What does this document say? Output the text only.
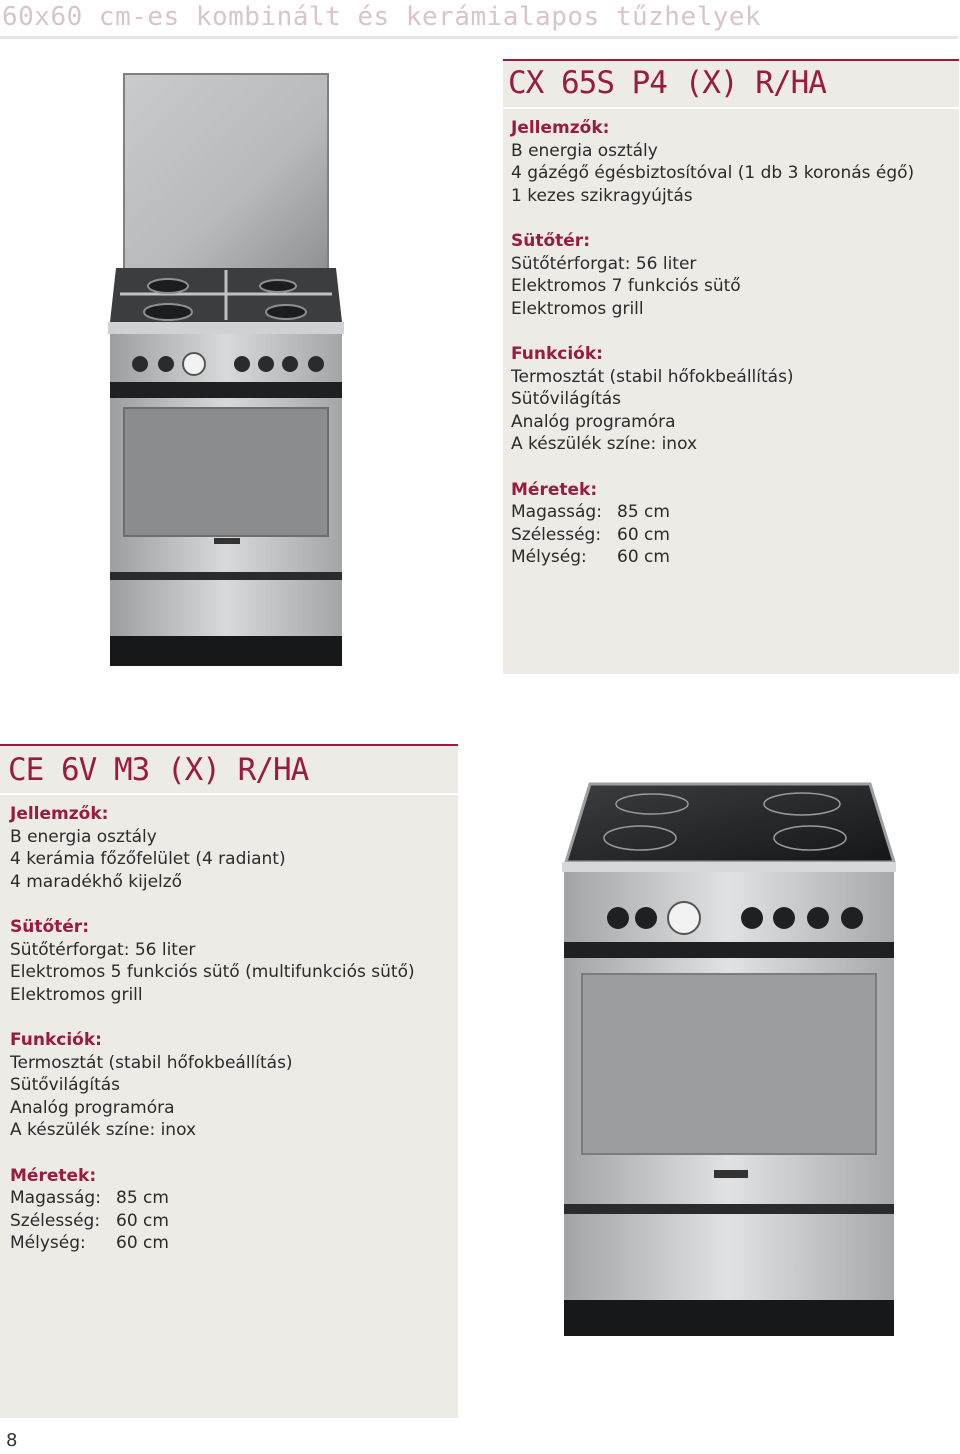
60x60 cm-es kombinált és kerámialapos tűzhelyek
CX 65S P4 (X) R/HA
Jellemzők:

B energia osztály

4 gázégő égésbiztosítóval (1 db 3 koronás égő)

1 kezes szikragyújtás

Sütőtér:

Sütőtérforgat: 56 liter

Elektromos 7 funkciós sütő

Elektromos grill

Funkciók:

Termosztát (stabil hőfokbeállítás)

Sütővilágítás

Analóg programóra

A készülék színe: inox

Méretek:
Magasság: 85 cm
Szélesség: 60 cm
Mélység:	60 cm
CE 6V M3 (X) R/HA
Jellemzők:

B energia osztály

4 kerámia főzőfelület (4 radiant)

4 maradékhő kijelző

Sütőtér:

Sütőtérforgat: 56 liter

Elektromos 5 funkciós sütő (multifunkciós sütő)

Elektromos grill

Funkciók:

Termosztát (stabil hőfokbeállítás)

Sütővilágítás

Analóg programóra

A készülék színe: inox

Méretek:
Magasság: 85 cm
Szélesség: 60 cm
Mélység:	60 cm
8
